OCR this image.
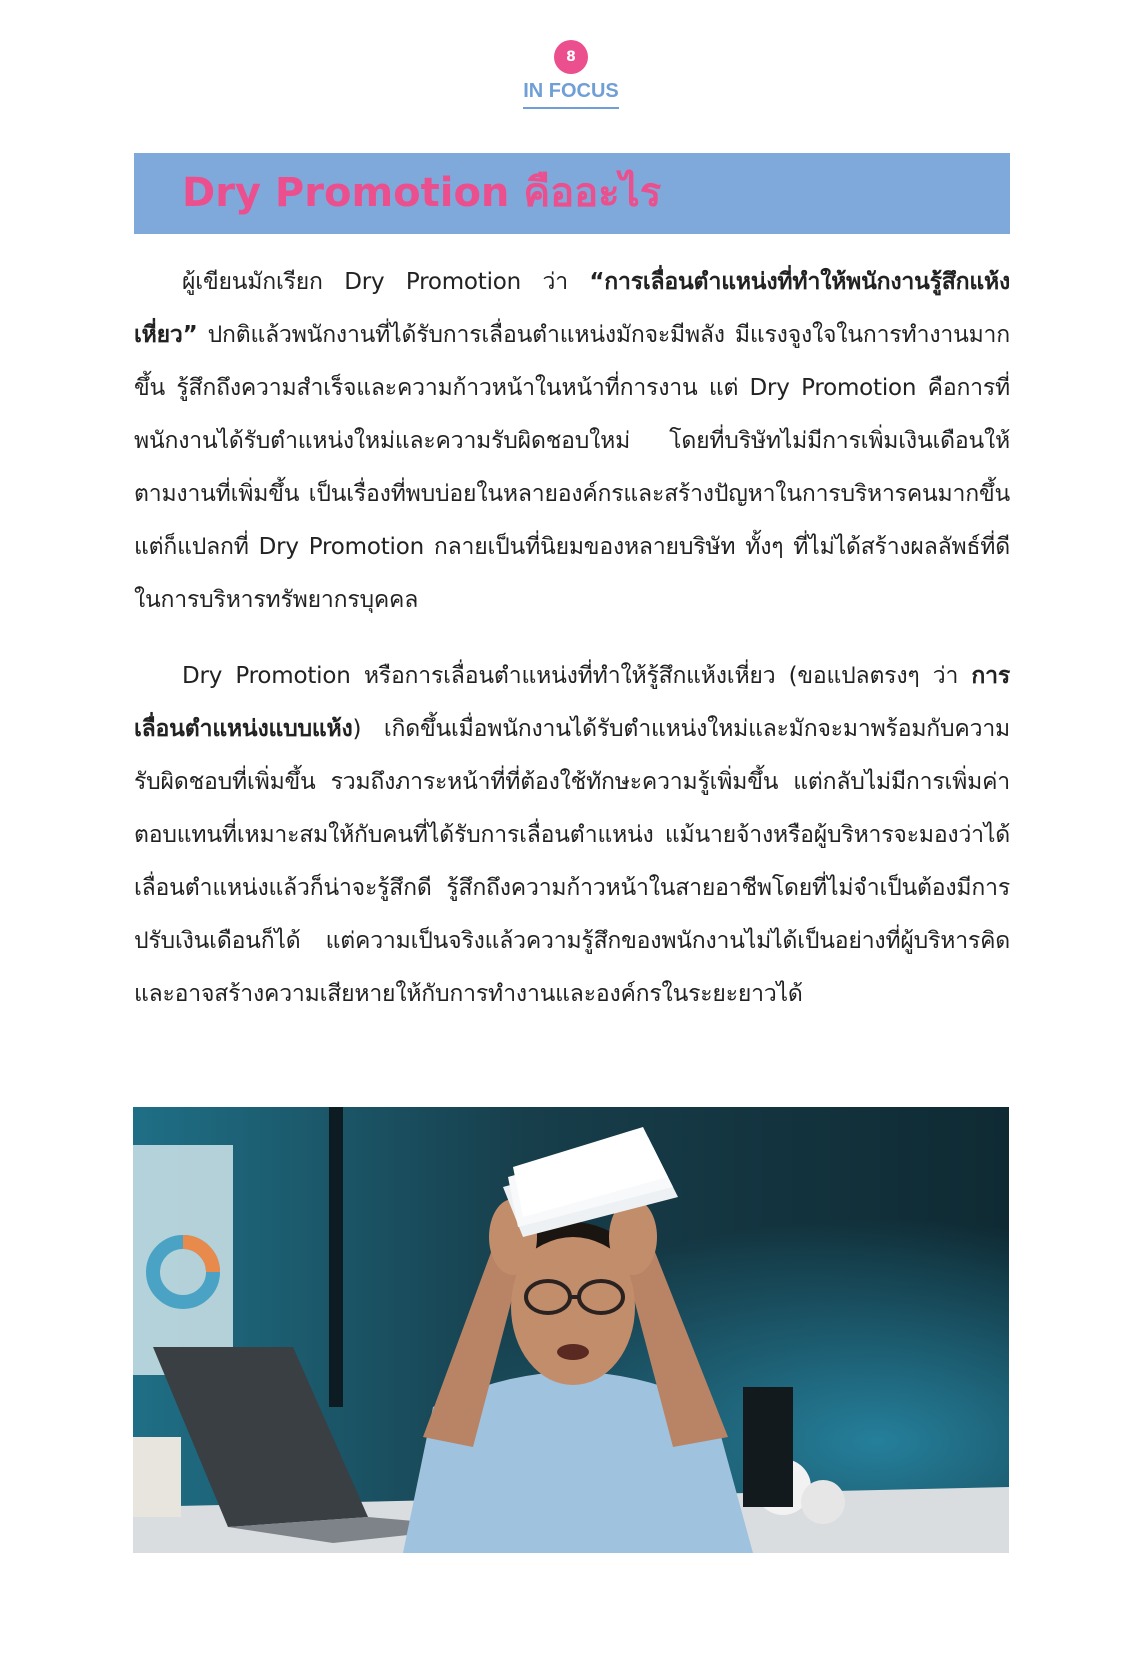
8
IN FOCUS
Dry Promotion คืออะไร
ผู้เขียนมักเรียก Dry Promotion ว่า “การเลื่อนตำแหน่งที่ทำให้พนักงานรู้สึกแห้งเหี่ยว” ปกติแล้วพนักงานที่ได้รับการเลื่อนตำแหน่งมักจะมีพลัง มีแรงจูงใจในการทำงานมากขึ้น รู้สึกถึงความสำเร็จและความก้าวหน้าในหน้าที่การงาน แต่ Dry Promotion คือการที่พนักงานได้รับตำแหน่งใหม่และความรับผิดชอบใหม่ โดยที่บริษัทไม่มีการเพิ่มเงินเดือนให้ตามงานที่เพิ่มขึ้น เป็นเรื่องที่พบบ่อยในหลายองค์กรและสร้างปัญหาในการบริหารคนมากขึ้น แต่ก็แปลกที่ Dry Promotion กลายเป็นที่นิยมของหลายบริษัท ทั้งๆ ที่ไม่ได้สร้างผลลัพธ์ที่ดีในการบริหารทรัพยากรบุคคล
Dry Promotion หรือการเลื่อนตำแหน่งที่ทำให้รู้สึกแห้งเหี่ยว (ขอแปลตรงๆ ว่า การเลื่อนตำแหน่งแบบแห้ง) เกิดขึ้นเมื่อพนักงานได้รับตำแหน่งใหม่และมักจะมาพร้อมกับความรับผิดชอบที่เพิ่มขึ้น รวมถึงภาระหน้าที่ที่ต้องใช้ทักษะความรู้เพิ่มขึ้น แต่กลับไม่มีการเพิ่มค่าตอบแทนที่เหมาะสมให้กับคนที่ได้รับการเลื่อนตำแหน่ง แม้นายจ้างหรือผู้บริหารจะมองว่าได้เลื่อนตำแหน่งแล้วก็น่าจะรู้สึกดี รู้สึกถึงความก้าวหน้าในสายอาชีพโดยที่ไม่จำเป็นต้องมีการปรับเงินเดือนก็ได้ แต่ความเป็นจริงแล้วความรู้สึกของพนักงานไม่ได้เป็นอย่างที่ผู้บริหารคิด และอาจสร้างความเสียหายให้กับการทำงานและองค์กรในระยะยาวได้
